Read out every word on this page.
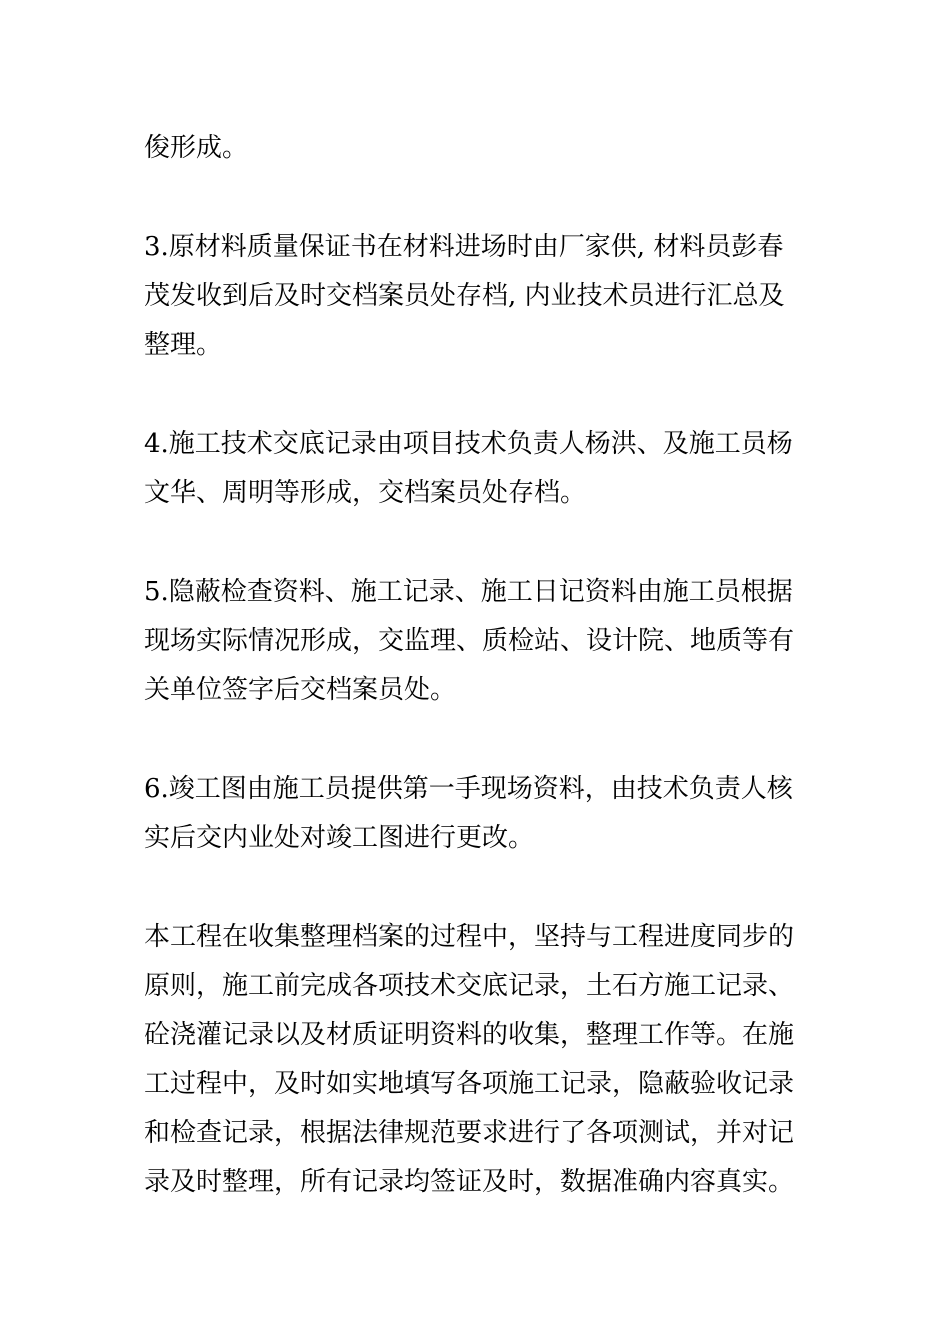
俊形成。

3.原材料质量保证书在材料进场时由厂家供, 材料员彭春茂发收到后及时交档案员处存档, 内业技术员进行汇总及整理。

4.施工技术交底记录由项目技术负责人杨洪、及施工员杨文华、周明等形成，交档案员处存档。

5.隐蔽检查资料、施工记录、施工日记资料由施工员根据现场实际情况形成，交监理、质检站、设计院、地质等有关单位签字后交档案员处。

6.竣工图由施工员提供第一手现场资料，由技术负责人核实后交内业处对竣工图进行更改。

本工程在收集整理档案的过程中，坚持与工程进度同步的原则，施工前完成各项技术交底记录，土石方施工记录、砼浇灌记录以及材质证明资料的收集，整理工作等。在施工过程中，及时如实地填写各项施工记录，隐蔽验收记录和检查记录，根据法律规范要求进行了各项测试，并对记录及时整理，所有记录均签证及时，数据准确内容真实。
